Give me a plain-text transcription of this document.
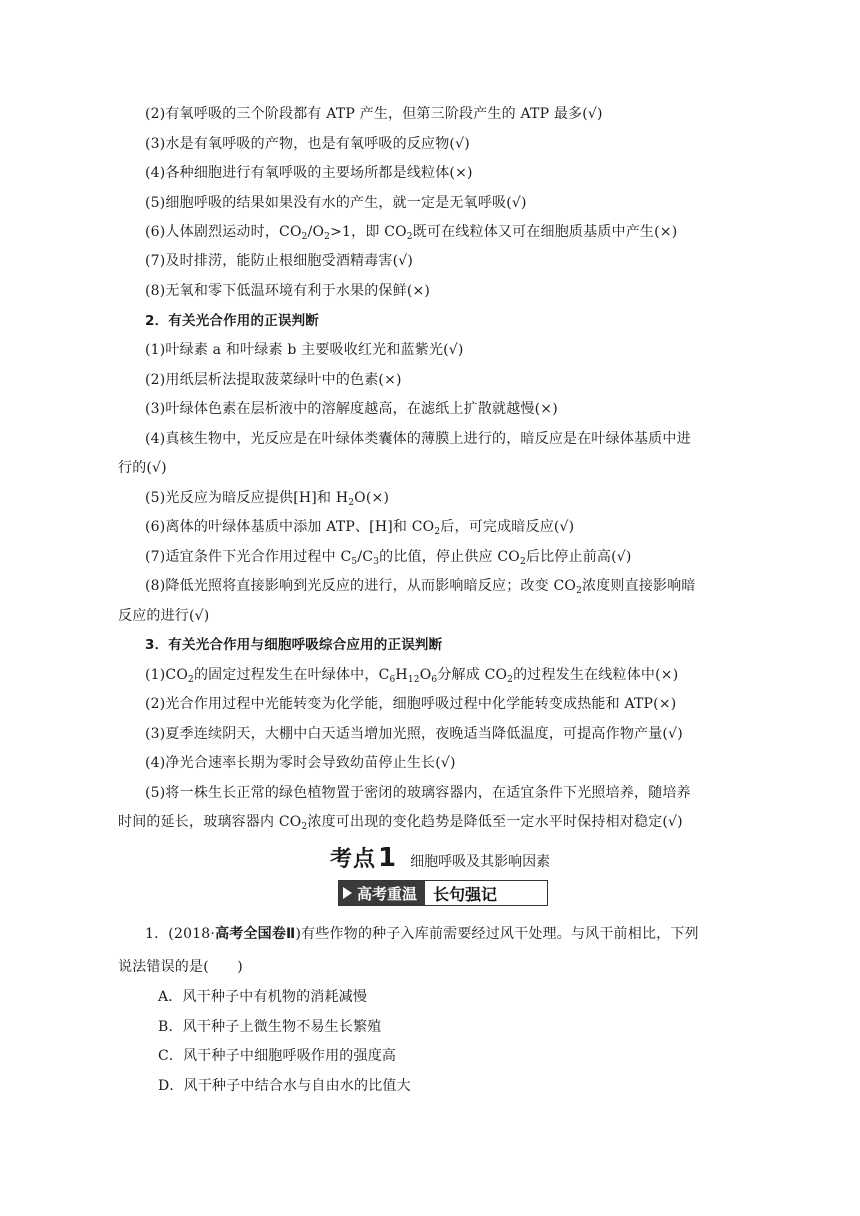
(2)有氧呼吸的三个阶段都有 ATP 产生，但第三阶段产生的 ATP 最多(√)
(3)水是有氧呼吸的产物，也是有氧呼吸的反应物(√)
(4)各种细胞进行有氧呼吸的主要场所都是线粒体(×)
(5)细胞呼吸的结果如果没有水的产生，就一定是无氧呼吸(√)
(6)人体剧烈运动时，$CO_2/O_2>1$，即 $CO_2$既可在线粒体又可在细胞质基质中产生(×)
(7)及时排涝，能防止根细胞受酒精毒害(√)
(8)无氧和零下低温环境有利于水果的保鲜(×)
2．有关光合作用的正误判断
(1)叶绿素 a 和叶绿素 b 主要吸收红光和蓝紫光(√)
(2)用纸层析法提取菠菜绿叶中的色素(×)
(3)叶绿体色素在层析液中的溶解度越高，在滤纸上扩散就越慢(×)
(4)真核生物中，光反应是在叶绿体类囊体的薄膜上进行的，暗反应是在叶绿体基质中进
行的(√)
(5)光反应为暗反应提供[H]和 $H_2O(\times)$
(6)离体的叶绿体基质中添加 ATP、[H]和 $CO_2$后，可完成暗反应(√)
(7)适宜条件下光合作用过程中 $C_5/C_3$的比值，停止供应 $CO_2$后比停止前高(√)
(8)降低光照将直接影响到光反应的进行，从而影响暗反应；改变 $CO_2$浓度则直接影响暗
反应的进行(√)
3．有关光合作用与细胞呼吸综合应用的正误判断
$(1)CO_2$的固定过程发生在叶绿体中，$C_6H_{12}O_6$分解成 $CO_2$的过程发生在线粒体中(×)
(2)光合作用过程中光能转变为化学能，细胞呼吸过程中化学能转变成热能和 ATP(×)
(3)夏季连续阴天，大棚中白天适当增加光照，夜晚适当降低温度，可提高作物产量(√)
(4)净光合速率长期为零时会导致幼苗停止生长(√)
(5)将一株生长正常的绿色植物置于密闭的玻璃容器内，在适宜条件下光照培养，随培养
时间的延长，玻璃容器内 $CO_2$浓度可出现的变化趋势是降低至一定水平时保持相对稳定(√)
考点1 细胞呼吸及其影响因素
高考重温	长句强记
1．(2018·高考全国卷Ⅱ)有些作物的种子入库前需要经过风干处理。与风干前相比，下列
说法错误的是(　　)
A．风干种子中有机物的消耗减慢
B．风干种子上微生物不易生长繁殖
C．风干种子中细胞呼吸作用的强度高
D．风干种子中结合水与自由水的比值大
